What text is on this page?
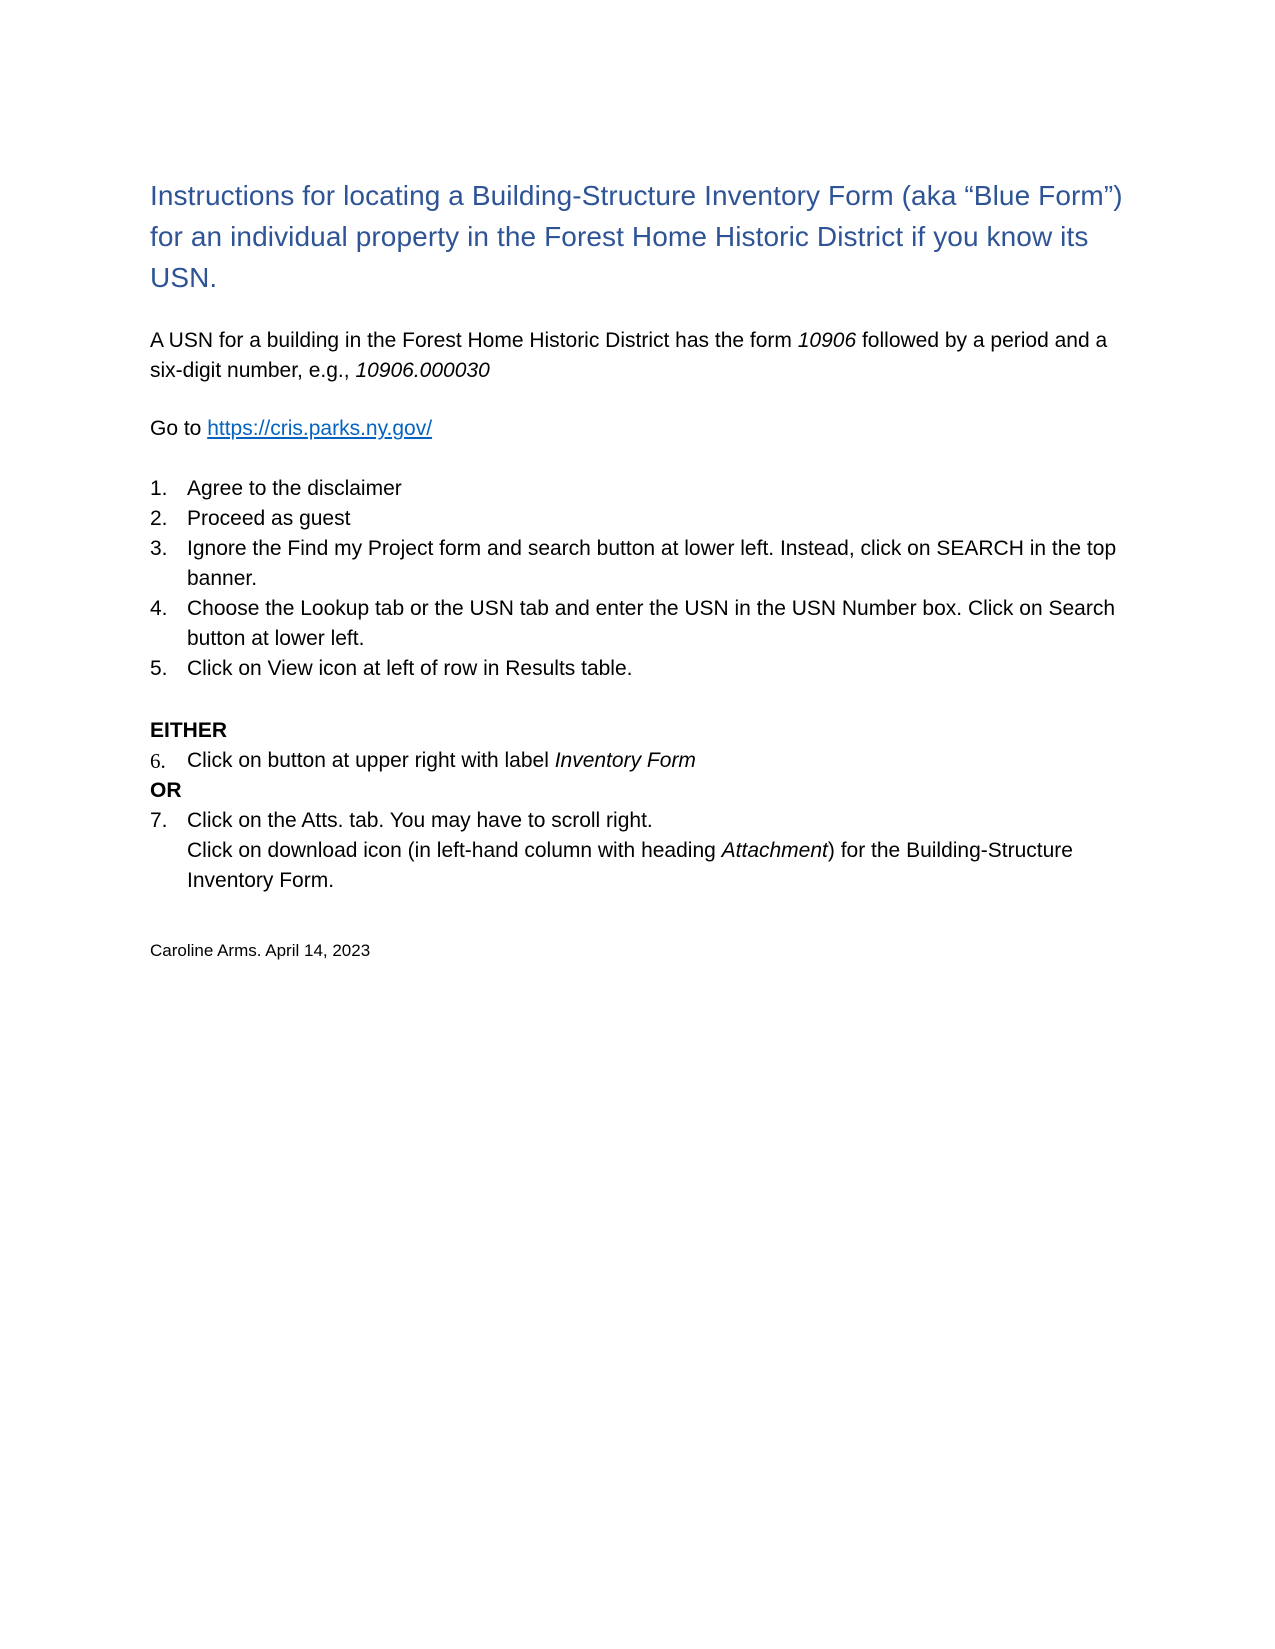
Instructions for locating a Building-Structure Inventory Form (aka “Blue Form”) for an individual property in the Forest Home Historic District if you know its USN.

A USN for a building in the Forest Home Historic District has the form 10906 followed by a period and a six-digit number, e.g., 10906.000030

Go to https://cris.parks.ny.gov/

1. Agree to the disclaimer
2. Proceed as guest
3. Ignore the Find my Project form and search button at lower left. Instead, click on SEARCH in the top banner.
4. Choose the Lookup tab or the USN tab and enter the USN in the USN Number box. Click on Search button at lower left.
5. Click on View icon at left of row in Results table.

EITHER

6.	Click on button at upper right with label Inventory Form

OR

7. Click on the Atts. tab. You may have to scroll right.
Click on download icon (in left-hand column with heading Attachment) for the Building-Structure Inventory Form.

Caroline Arms. April 14, 2023
